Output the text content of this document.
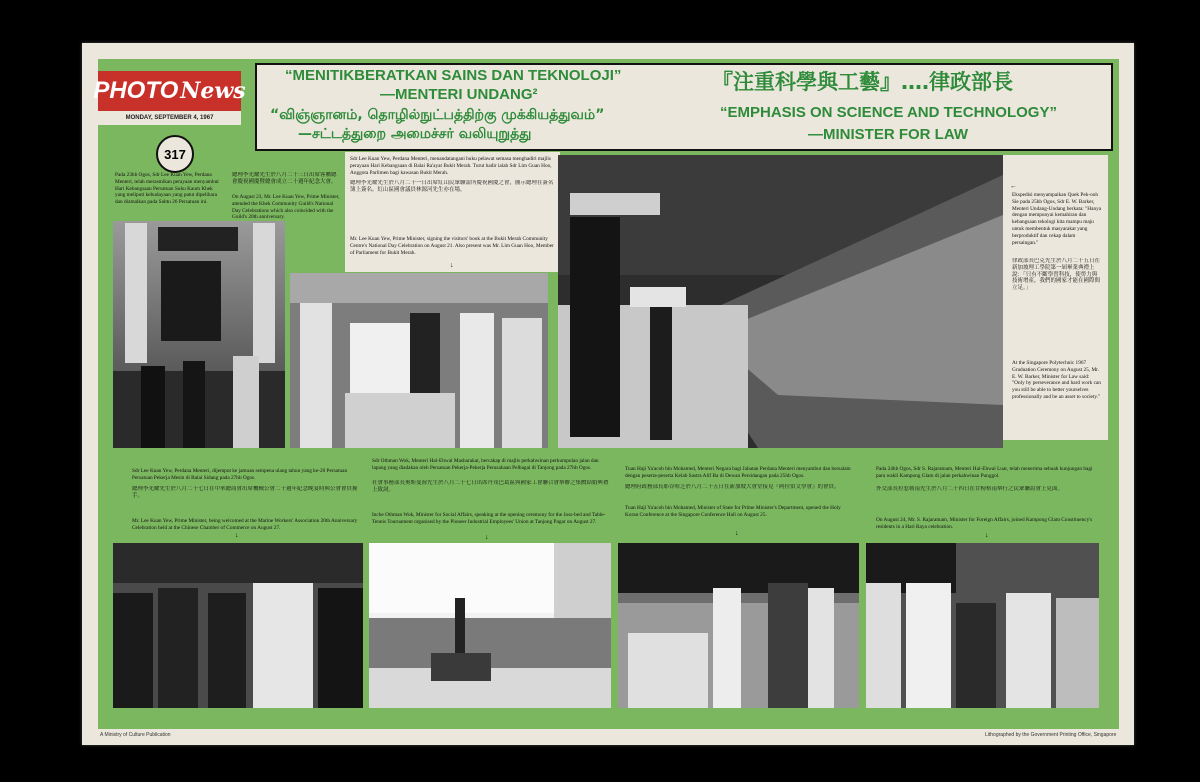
PHOTO News
MONDAY, SEPTEMBER 4, 1967
317
“MENITIKBERATKAN SAINS DAN TEKNOLOJI”
—MENTERI UNDANG²
“விஞ்ஞானம், தொழில்நுட்பத்திற்கு முக்கியத்துவம்”
—சட்டத்துறை அமைச்சர் வலியுறுத்து
『注重科學與工藝』‥‥律政部長
“EMPHASIS ON SCIENCE AND TECHNOLOGY”
—MINISTER FOR LAW
Pada 23hb Ogos, Sdr Lee Kuan Yew, Perdana Menteri, telah merasmikan perayaan menyambut Hari Kebangsaan Persatuan Suku Kaum Khek yang meliputi kebudayaan yang patut dipelihara dan diamalkan pada Sabtu 26 Persatuan ini.
總理李光耀先生於八月二十三日出席客屬總會慶祝國慶暨總會成立二十週年紀念大會。
On August 23, Mr. Lee Kuan Yew, Prime Minister, attended the Khek Community Guild's National Day Celebrations which also coincided with the Guild's 20th anniversary.
Sdr Lee Kuan Yew, Perdana Menteri, menandatangani buku pelawat semasa menghadiri majlis perayaan Hari Kebangsaan di Balai Ra'ayat Bukit Merah. Turut hadir ialah Sdr Lim Guan Hoo, Anggota Parlimen bagi kawasan Bukit Merah.
總理李光耀先生於八月二十一日出席紅山民眾聯誼所慶祝國慶之會，圖示總理在簽名簿上簽名。紅山區國會議員林源河先生亦在場。
Mr. Lee Kuan Yew, Prime Minister, signing the visitors' book at the Bukit Merah Community Centre's National Day Celebration on August 21. Also present was Mr. Lim Guan Hoo, Member of Parliament for Bukit Merah.
↓
Ekspedisi menyampaikan Quek Pek-ooh Sie pada 25hb Ogos, Sdr E. W. Barker, Menteri Undang-Undang berkata: "Hanya dengan mempunyai kemahiran dan kebangsaan tekologi kita mampu maju untuk membentuk masyarakat yang berproduktif dan cekap dalam persaingan."
律政部長巴克先生於八月二十五日在新加坡理工學院第一屆畢業典禮上說：「只有不斷學習科技，使勞力與技術增產，我們的國家才能在國際間立足。」
At the Singapore Polytechnic 1967 Graduation Ceremony on August 25, Mr. E. W. Barker, Minister for Law said: "Only by perseverance and hard work can you still be able to better yourselves professionally and be an asset to society."
←
Sdr Lee Kuan Yew, Perdana Menteri, dijemput ke jamuan sempena ulang tahun yang ke-20 Persatuan Persatuan Pekerja Mesin di Balai Sidang pada 27hb Ogos.
總理李光耀先生於八月二十七日在中華總商會出席機械公會二十週年紀念晚宴時與公會會員握手。
Mr. Lee Kuan Yew, Prime Minister, being welcomed at the Marine Workers' Association 20th Anniversary Celebration held at the Chinese Chamber of Commerce on August 27.
↓
Sdr Othman Wok, Menteri Hal-Ehwal Masharakat, bercakap di majlis perkahwinan perkumpulan jalan dan lapang yang diadakan oleh Persatuan Pekerja-Pekerja Perusahaan Pelbagai di Tanjong pada 27hb Ogos.
社會事務部長奧斯曼渥先生於八月二十七日出席丹戎巴葛區與國家工會聯合會舉辦之集體結婚典禮上致詞。
Inche Othman Wok, Minister for Social Affairs, speaking at the opening ceremony for the Joss-bed and Table-Tennis Tournament organised by the Pioneer Industrial Employees' Union at Tanjong Pagar on August 27.
↓
Tuan Haji Ya'acob bin Mohamed, Menteri Negara bagi Jabatan Perdana Menteri menyambut dan bersalam dengan peserta-peserta Kelab Sastra Alif Ba di Dewan Persidangan pada 25hb Ogos.
總理府政務部長耶谷哈芝於八月二十五日在新加坡大會堂接見『阿拉伯文學會』的會員。
Tuan Haji Ya'acob bin Mohamed, Minister of State for Prime Minister's Department, opened the Holy Koran Conference at the Singapore Conference Hall on August 25.
↓
Pada 24hb Ogos, Sdr S. Rajaratnam, Menteri Hal-Ehwal Luar, telah menerima sebuah kunjungan bagi para wakil Kampong Glam di jalan perkahwinan Punggol.
外交部長拉惹勒南先生於八月二十四日在甘榜格南舉行之民眾聯誼會上見面。
On August 24, Mr. S. Rajaratnam, Minister for Foreign Affairs, joined Kampong Glam Constituency's residents in a Hari Raya celebration.
↓
A Ministry of Culture Publication	Lithographed by the Government Printing Office, Singapore
